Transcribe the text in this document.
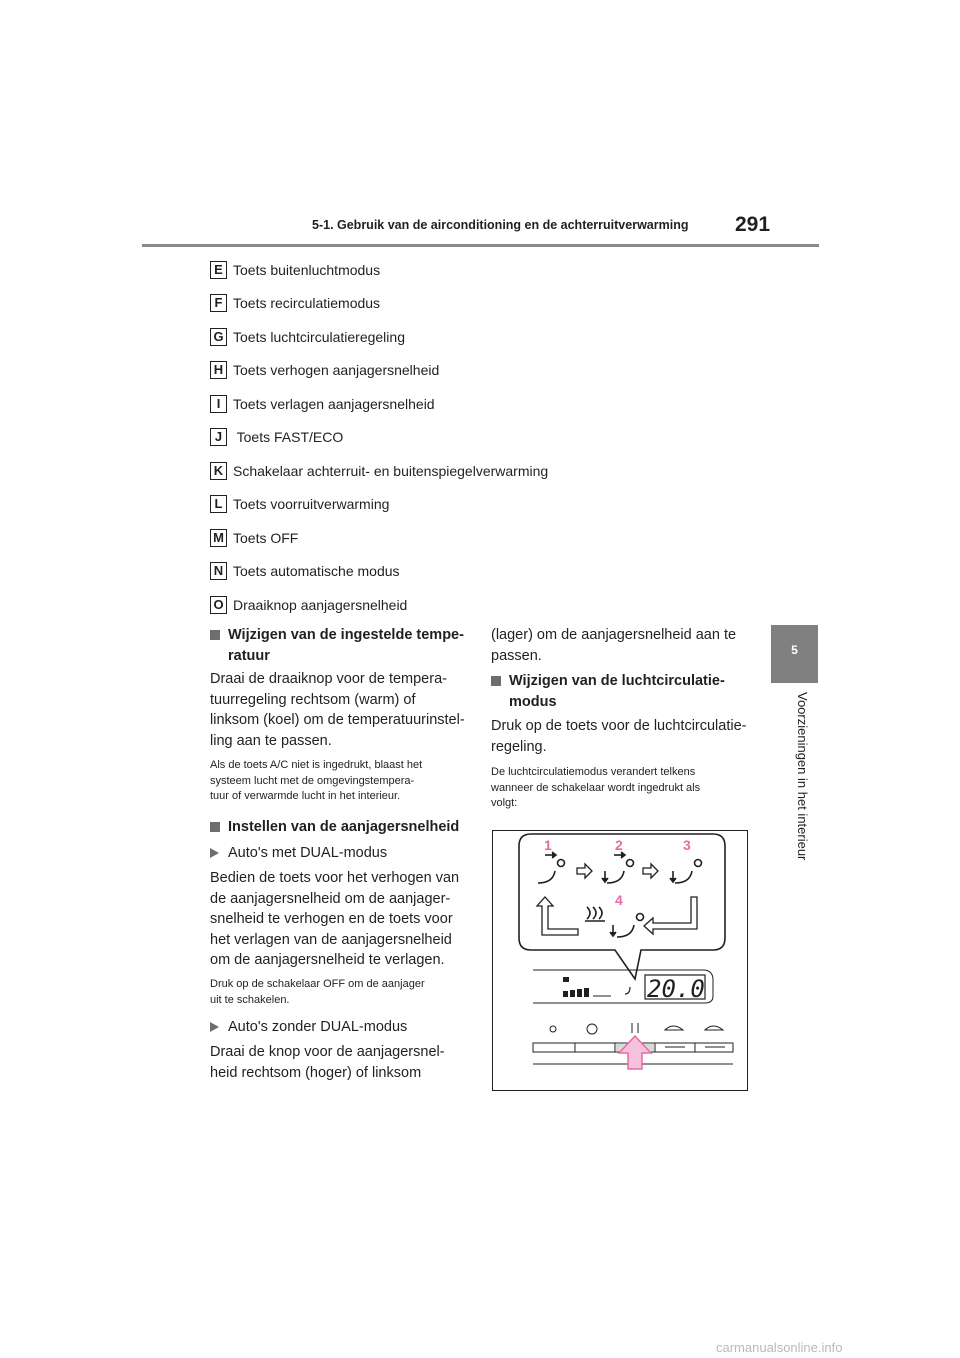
5-1. Gebruik van de airconditioning en de achterruitverwarming 291
5
Voorzieningen in het interieur
E Toets buitenluchtmodus
F Toets recirculatiemodus
G Toets luchtcirculatieregeling
H Toets verhogen aanjagersnelheid
I Toets verlagen aanjagersnelheid
J Toets FAST/ECO
K Schakelaar achterruit- en buitenspiegelverwarming
L Toets voorruitverwarming
M Toets OFF
N Toets automatische modus
O Draaiknop aanjagersnelheid
Wijzigen van de ingestelde tempe-
ratuur
Draai de draaiknop voor de tempera-
tuurregeling rechtsom (warm) of
linksom (koel) om de temperatuurinstel-
ling aan te passen.
Als de toets A/C niet is ingedrukt, blaast het
systeem lucht met de omgevingstempera-
tuur of verwarmde lucht in het interieur.
Instellen van de aanjagersnelheid
Auto's met DUAL-modus
Bedien de toets voor het verhogen van
de aanjagersnelheid om de aanjager-
snelheid te verhogen en de toets voor
het verlagen van de aanjagersnelheid
om de aanjagersnelheid te verlagen.
Druk op de schakelaar OFF om de aanjager
uit te schakelen.
Auto's zonder DUAL-modus
Draai de knop voor de aanjagersnel-
heid rechtsom (hoger) of linksom
(lager) om de aanjagersnelheid aan te
passen.
Wijzigen van de luchtcirculatie-
modus
Druk op de toets voor de luchtcirculatie-
regeling.
De luchtcirculatiemodus verandert telkens
wanneer de schakelaar wordt ingedrukt als
volgt:
20.0
1	2	3
4
carmanualsonline.info
